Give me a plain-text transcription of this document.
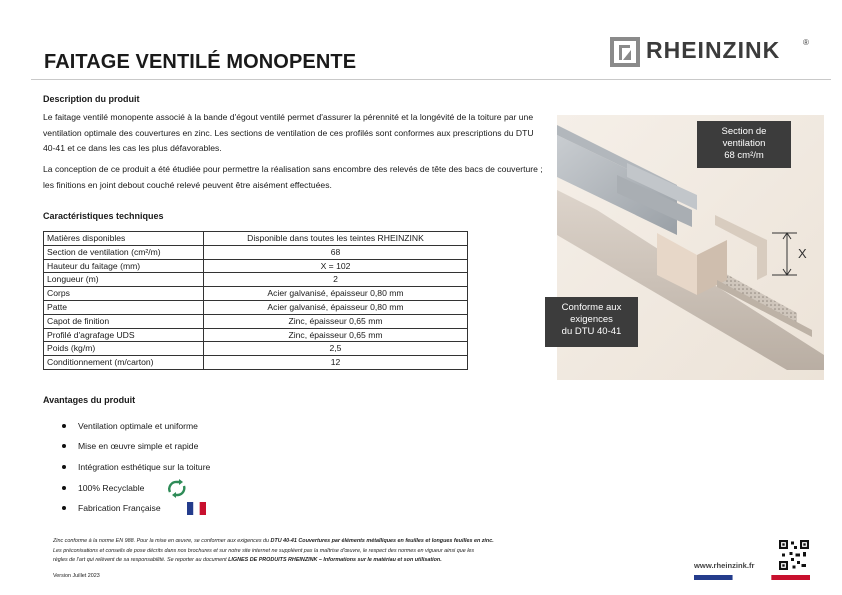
FAITAGE VENTILÉ MONOPENTE	RHEINZINK	®
Description du produit
Le faitage ventilé monopente associé à la bande d'égout ventilé permet d'assurer la pérennité et la longévité de la toiture par une ventilation optimale des couvertures en zinc. Les sections de ventilation de ces profilés sont conformes aux prescriptions du DTU 40-41 et ce dans les cas les plus défavorables.
La conception de ce produit a été étudiée pour permettre la réalisation sans encombre des relevés de tête des bacs de couverture ; les finitions en joint debout couché relevé peuvent être aisément effectuées.
Caractéristiques techniques
Matières disponibles	Disponible dans toutes les teintes RHEINZINK
Section de ventilation (cm²/m)	68
Hauteur du faitage (mm)	X = 102
Longueur (m)	2
Corps	Acier galvanisé, épaisseur 0,80 mm
Patte	Acier galvanisé, épaisseur 0,80 mm
Capot de finition	Zinc, épaisseur 0,65 mm
Profilé d'agrafage UDS	Zinc, épaisseur 0,65 mm
Poids (kg/m)	2,5
Conditionnement (m/carton)	12
Avantages du produit
Ventilation optimale et uniforme
Mise en œuvre simple et rapide
Intégration esthétique sur la toiture
100% Recyclable
Fabrication Française
X
Section de
ventilation
68 cm²/m
Conforme aux
exigences
du DTU 40-41
Zinc conforme à la norme EN 988. Pour la mise en œuvre, se conformer aux exigences du DTU 40-41 Couvertures par éléments métalliques en feuilles et longues feuilles en zinc.
Les préconisations et conseils de pose décrits dans nos brochures et sur notre site internet ne suppléent pas la maîtrise d'œuvre, le respect des normes en vigueur ainsi que les
règles de l'art qui relèvent de sa responsabilité. Se reporter au document LIGNES DE PRODUITS RHEINZINK – Informations sur le matériau et son utilisation.
Version Juillet 2023
www.rheinzink.fr
